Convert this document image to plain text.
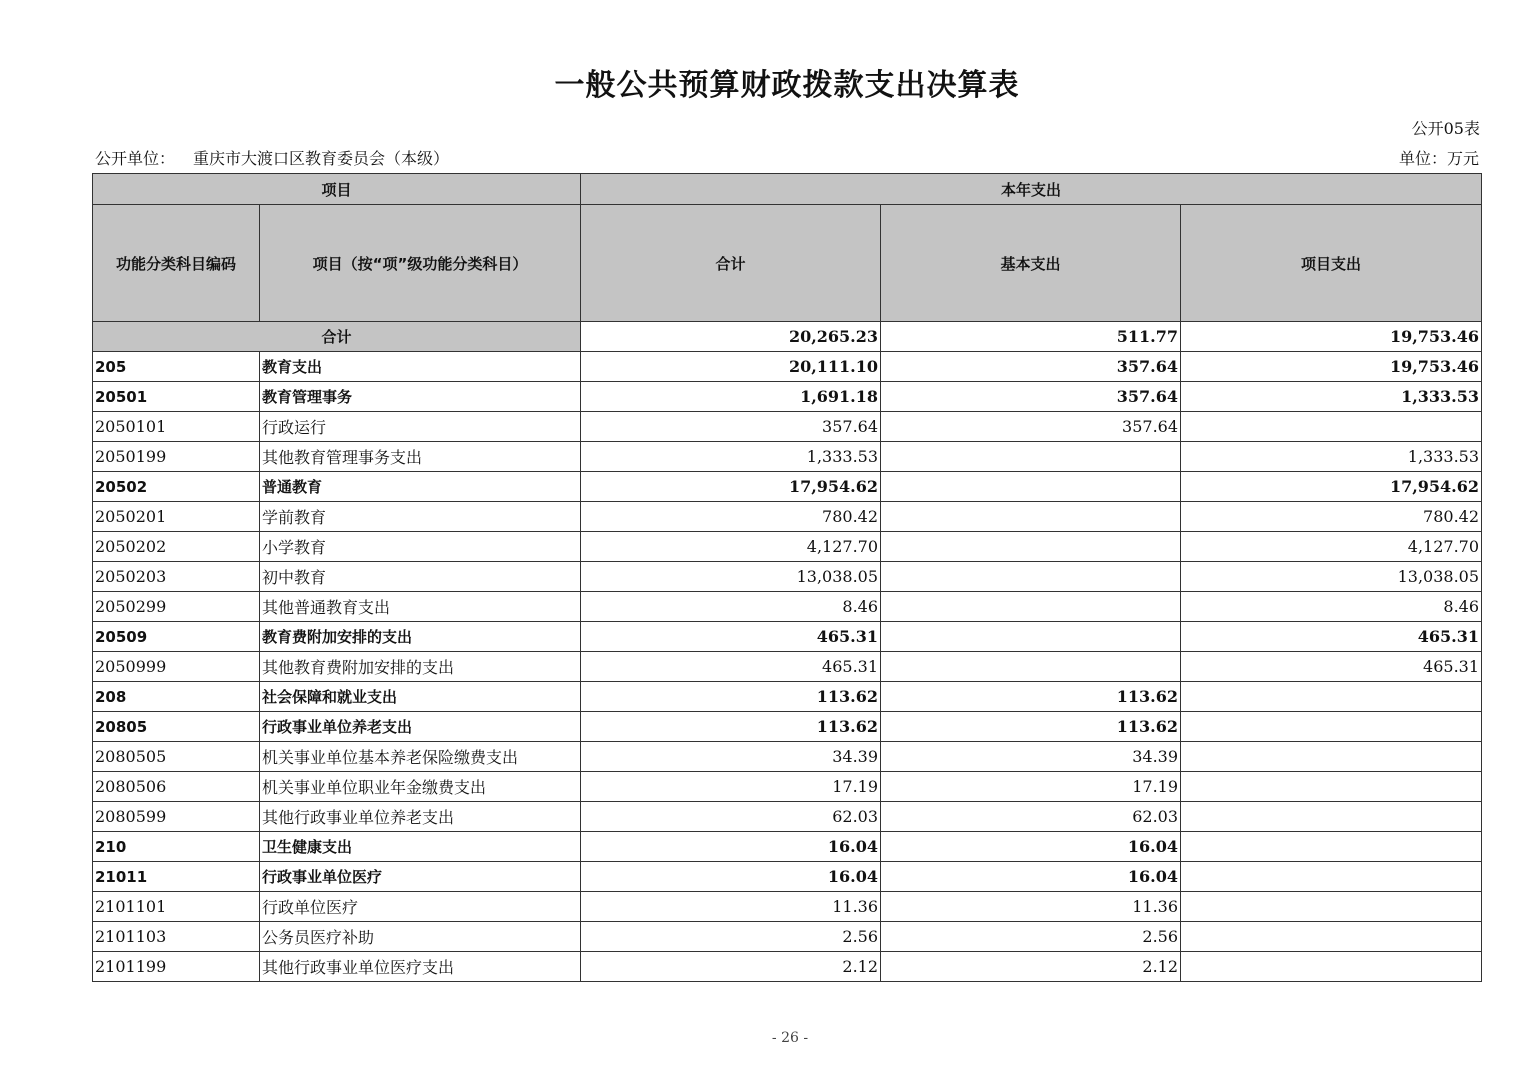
一般公共预算财政拨款支出决算表
公开05表
公开单位： 重庆市大渡口区教育委员会（本级）	单位：万元
项目		本年支出		
功能分类科目编码	项目（按“项”级功能分类科目）	合计	基本支出	项目支出
合计		20,265.23	511.77	19,753.46
205	教育支出	20,111.10	357.64	19,753.46
20501	教育管理事务	1,691.18	357.64	1,333.53
2050101	行政运行	357.64	357.64	
2050199	其他教育管理事务支出	1,333.53		1,333.53
20502	普通教育	17,954.62		17,954.62
2050201	学前教育	780.42		780.42
2050202	小学教育	4,127.70		4,127.70
2050203	初中教育	13,038.05		13,038.05
2050299	其他普通教育支出	8.46		8.46
20509	教育费附加安排的支出	465.31		465.31
2050999	其他教育费附加安排的支出	465.31		465.31
208	社会保障和就业支出	113.62	113.62	
20805	行政事业单位养老支出	113.62	113.62	
2080505	机关事业单位基本养老保险缴费支出	34.39	34.39	
2080506	机关事业单位职业年金缴费支出	17.19	17.19	
2080599	其他行政事业单位养老支出	62.03	62.03	
210	卫生健康支出	16.04	16.04	
21011	行政事业单位医疗	16.04	16.04	
2101101	行政单位医疗	11.36	11.36	
2101103	公务员医疗补助	2.56	2.56	
2101199	其他行政事业单位医疗支出	2.12	2.12	
- 26 -
